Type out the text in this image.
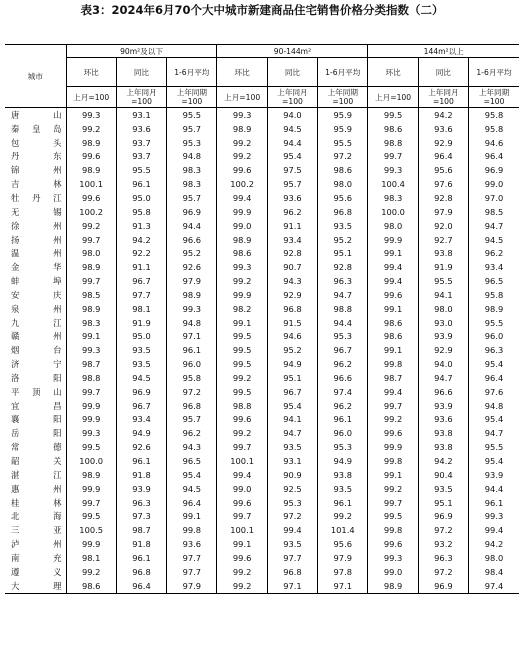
表3：2024年6月70个大中城市新建商品住宅销售价格分类指数（二）
城市	90m²及以下			90-144m²			144m²以上		
	环比	同比	1-6月平均	环比	同比	1-6月平均	环比	同比	1-6月平均
	上月=100	上年同月=100	上年同期=100	上月=100	上年同月=100	上年同期=100	上月=100	上年同月=100	上年同期=100
唐山	99.3	93.1	95.5	99.3	94.0	95.9	99.5	94.2	95.8
秦皇岛	99.2	93.6	95.7	98.9	94.5	95.9	98.6	93.6	95.8
包头	98.9	93.7	95.3	99.2	94.4	95.5	98.8	92.9	94.6
丹东	99.6	93.7	94.8	99.2	95.4	97.2	99.7	96.4	96.4
锦州	98.9	95.5	98.3	99.6	97.5	98.6	99.3	95.6	96.9
吉林	100.1	96.1	98.3	100.2	95.7	98.0	100.4	97.6	99.0
牡丹江	99.6	95.0	95.7	99.4	93.6	95.6	98.3	92.8	97.0
无锡	100.2	95.8	96.9	99.9	96.2	96.8	100.0	97.9	98.5
徐州	99.2	91.3	94.4	99.0	91.1	93.5	98.0	92.0	94.7
扬州	99.7	94.2	96.6	98.9	93.4	95.2	99.9	92.7	94.5
温州	98.0	92.2	95.2	98.6	92.8	95.1	99.1	93.8	96.2
金华	98.9	91.1	92.6	99.3	90.7	92.8	99.4	91.9	93.4
蚌埠	99.7	96.7	97.9	99.2	94.3	96.3	99.4	95.5	96.5
安庆	98.5	97.7	98.9	99.9	92.9	94.7	99.6	94.1	95.8
泉州	98.9	98.1	99.3	98.2	96.8	98.8	99.1	98.0	98.9
九江	98.3	91.9	94.8	99.1	91.5	94.4	98.6	93.0	95.5
赣州	99.1	95.0	97.1	99.5	94.6	95.3	98.6	93.9	96.0
烟台	99.3	93.5	96.1	99.5	95.2	96.7	99.1	92.9	96.3
济宁	98.7	93.5	96.0	99.5	94.9	96.2	99.8	94.0	95.4
洛阳	98.8	94.5	95.8	99.2	95.1	96.6	98.7	94.7	96.4
平顶山	99.7	96.9	97.2	99.5	96.7	97.4	99.4	96.6	97.6
宜昌	99.9	96.7	96.8	98.8	95.4	96.2	99.7	93.9	94.8
襄阳	99.9	93.4	95.7	99.6	94.1	96.1	99.2	93.6	95.4
岳阳	99.3	94.9	96.2	99.2	94.7	96.0	99.6	93.8	94.7
常德	99.5	92.6	94.3	99.7	93.5	95.3	99.9	93.8	95.5
韶关	100.0	96.1	96.5	100.1	93.1	94.9	99.8	94.2	95.4
湛江	98.9	91.8	95.4	99.4	90.9	93.8	99.1	90.4	93.9
惠州	99.9	93.9	94.5	99.0	92.5	93.5	99.2	93.5	94.4
桂林	99.7	96.3	96.4	99.6	95.3	96.1	99.7	95.1	96.1
北海	99.5	97.3	99.1	99.7	97.2	99.2	99.5	96.9	99.3
三亚	100.5	98.7	99.8	100.1	99.4	101.4	99.8	97.2	99.4
泸州	99.9	91.8	93.6	99.1	93.5	95.6	99.6	93.2	94.2
南充	98.1	96.1	97.7	99.6	97.7	97.9	99.3	96.3	98.0
遵义	99.2	96.8	97.7	99.2	96.8	97.8	99.0	97.2	98.4
大理	98.6	96.4	97.9	99.2	97.1	97.1	98.9	96.9	97.4
